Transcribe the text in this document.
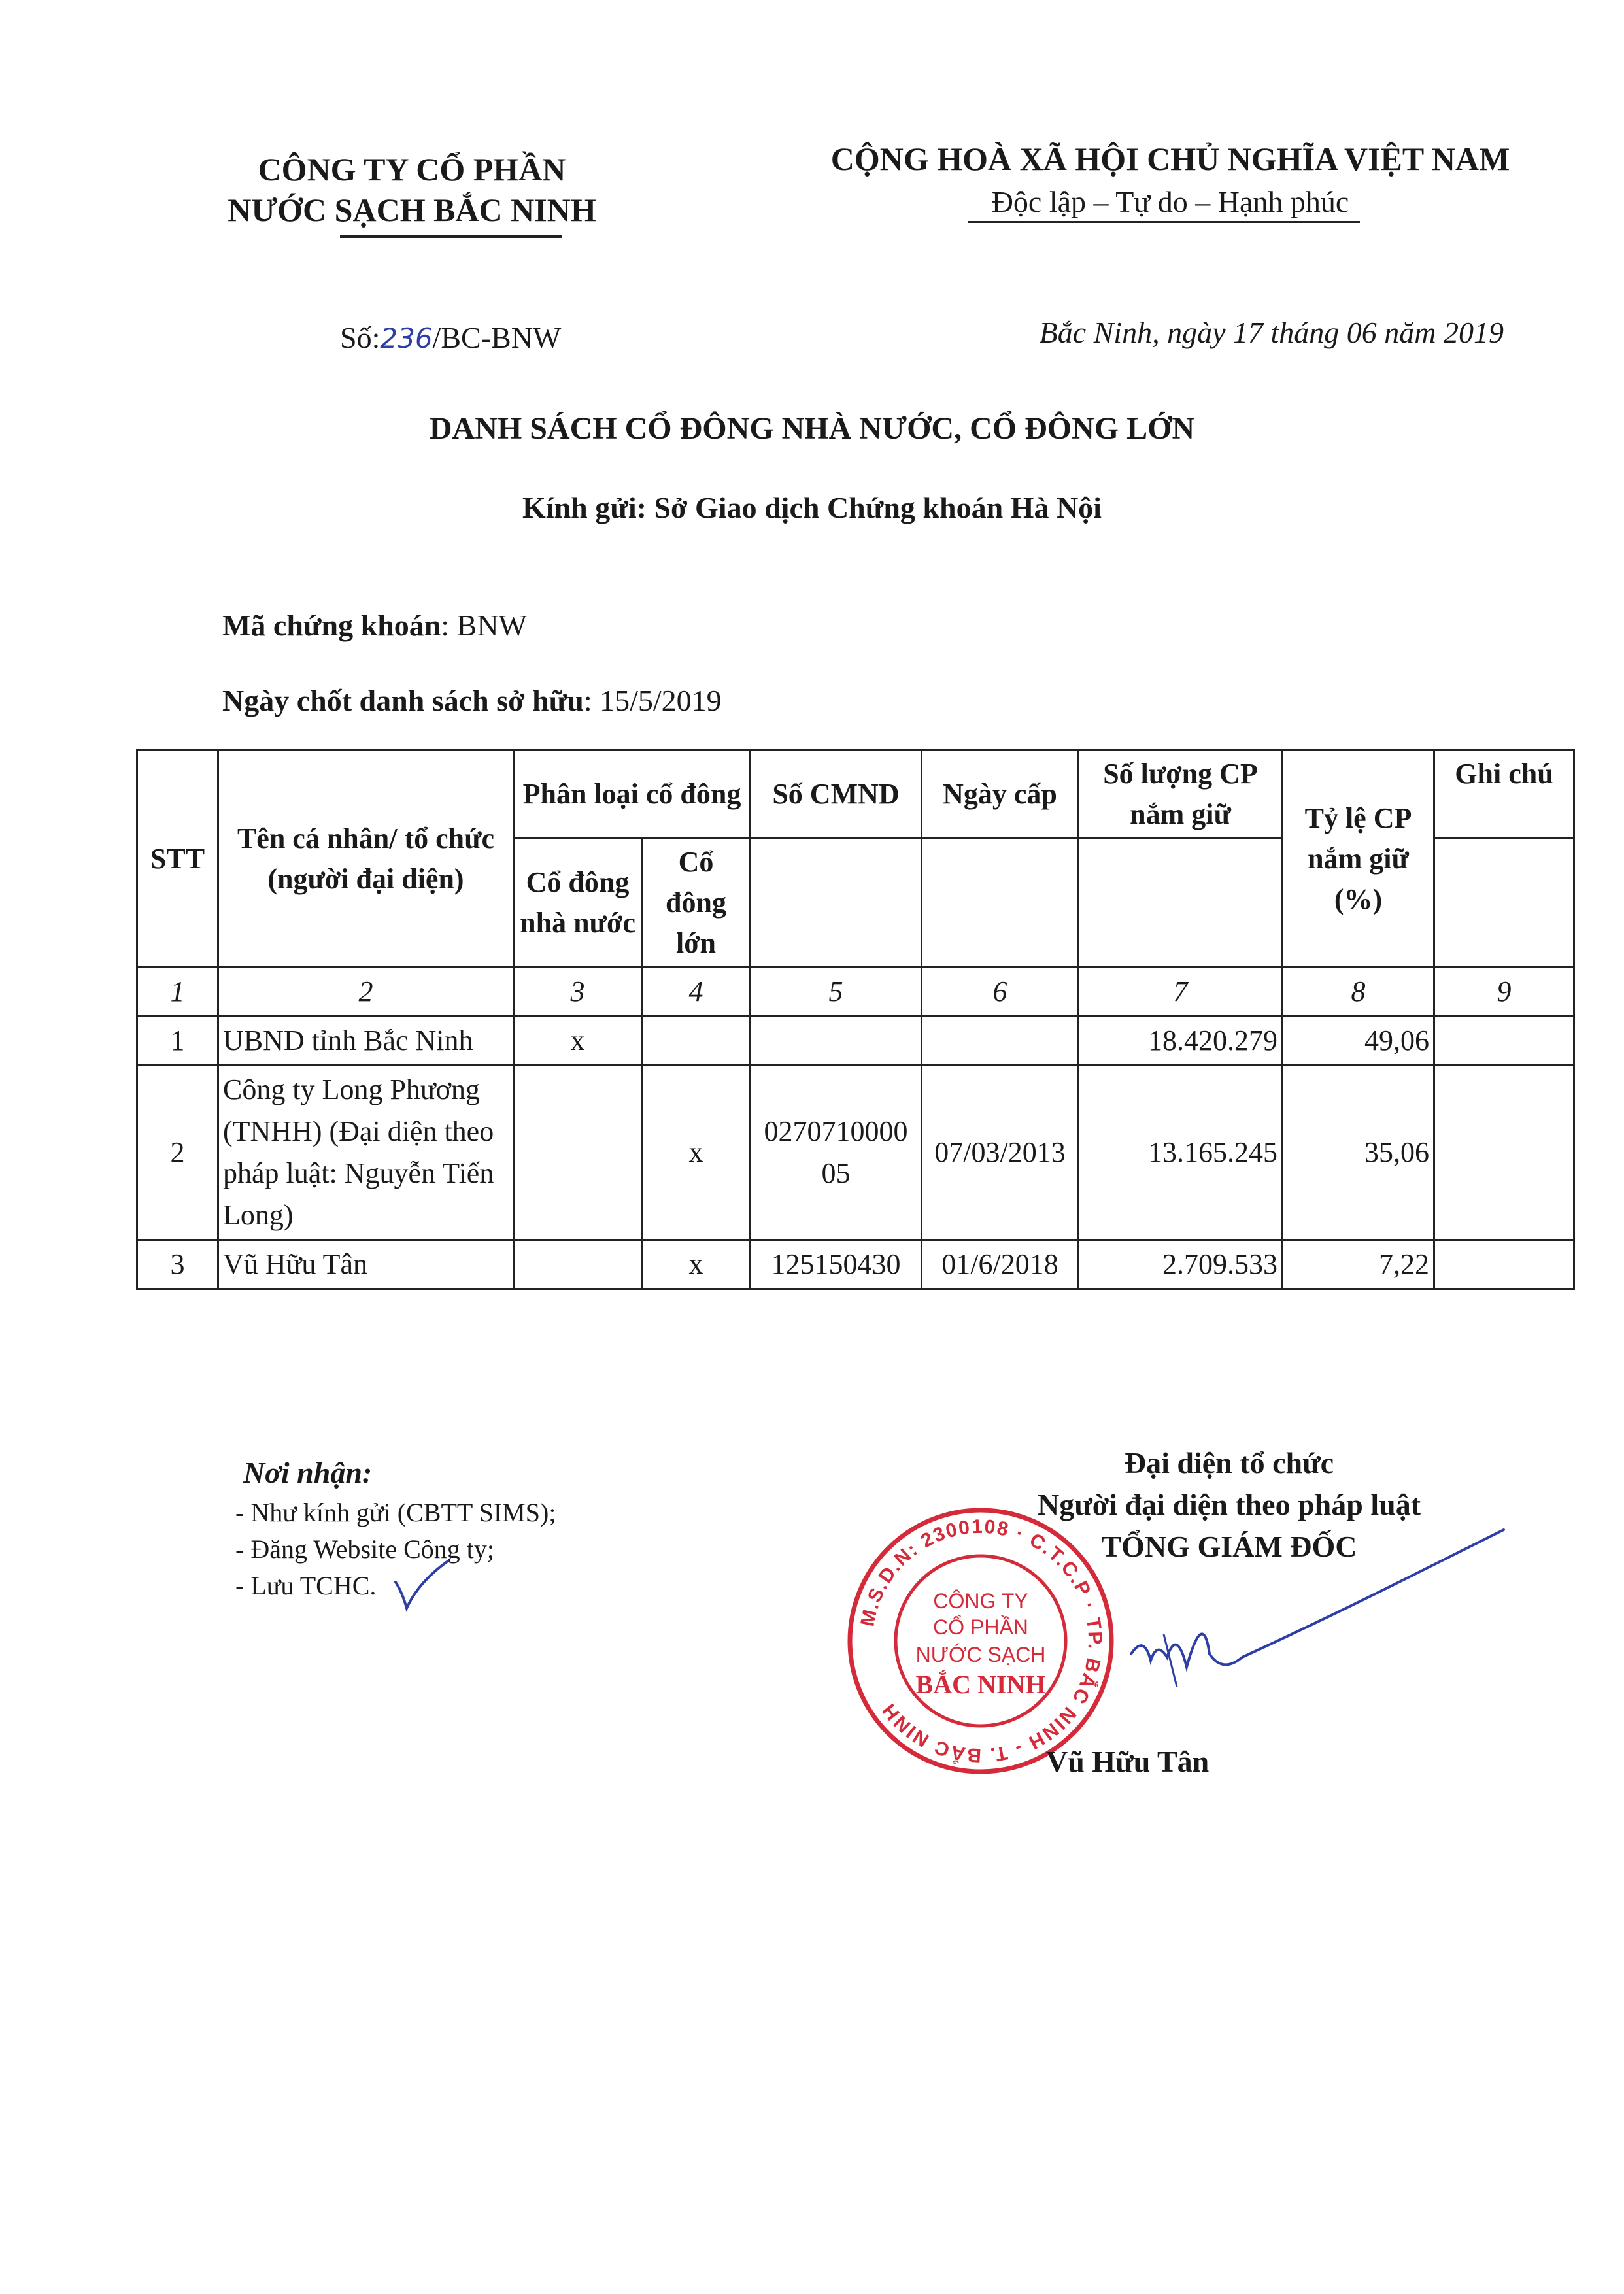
CÔNG TY CỔ PHẦN
NƯỚC SẠCH BẮC NINH
CỘNG HOÀ XÃ HỘI CHỦ NGHĨA VIỆT NAM
Độc lập – Tự do – Hạnh phúc
Số:236/BC-BNW	Bắc Ninh, ngày 17 tháng 06 năm 2019
DANH SÁCH CỔ ĐÔNG NHÀ NƯỚC, CỔ ĐÔNG LỚN
Kính gửi: Sở Giao dịch Chứng khoán Hà Nội
Mã chứng khoán: BNW
Ngày chốt danh sách sở hữu: 15/5/2019
STT	Tên cá nhân/ tổ chức (người đại diện)	Phân loại cổ đông		Số CMND	Ngày cấp	Số lượng CP nắm giữ	Tỷ lệ CP nắm giữ (%)	Ghi chú
		Cổ đông nhà nước	Cổ đông lớn					
1	2	3	4	5	6	7	8	9
1	UBND tỉnh Bắc Ninh	x				18.420.279	49,06	
2	Công ty Long Phương (TNHH) (Đại diện theo pháp luật: Nguyễn Tiến Long)		x	0270710000 05	07/03/2013	13.165.245	35,06	
3	Vũ Hữu Tân		x	125150430	01/6/2018	2.709.533	7,22	
Nơi nhận:
- Như kính gửi (CBTT SIMS);
- Đăng Website Công ty;
- Lưu TCHC.
Đại diện tổ chức
Người đại diện theo pháp luật
TỔNG GIÁM ĐỐC
M.S.D.N: 2300108 · C.T.C.P · TP. BẮC NINH - T. BẮC NINH
CÔNG TY
CỔ PHẦN
NƯỚC SẠCH
BẮC NINH
Vũ Hữu Tân
